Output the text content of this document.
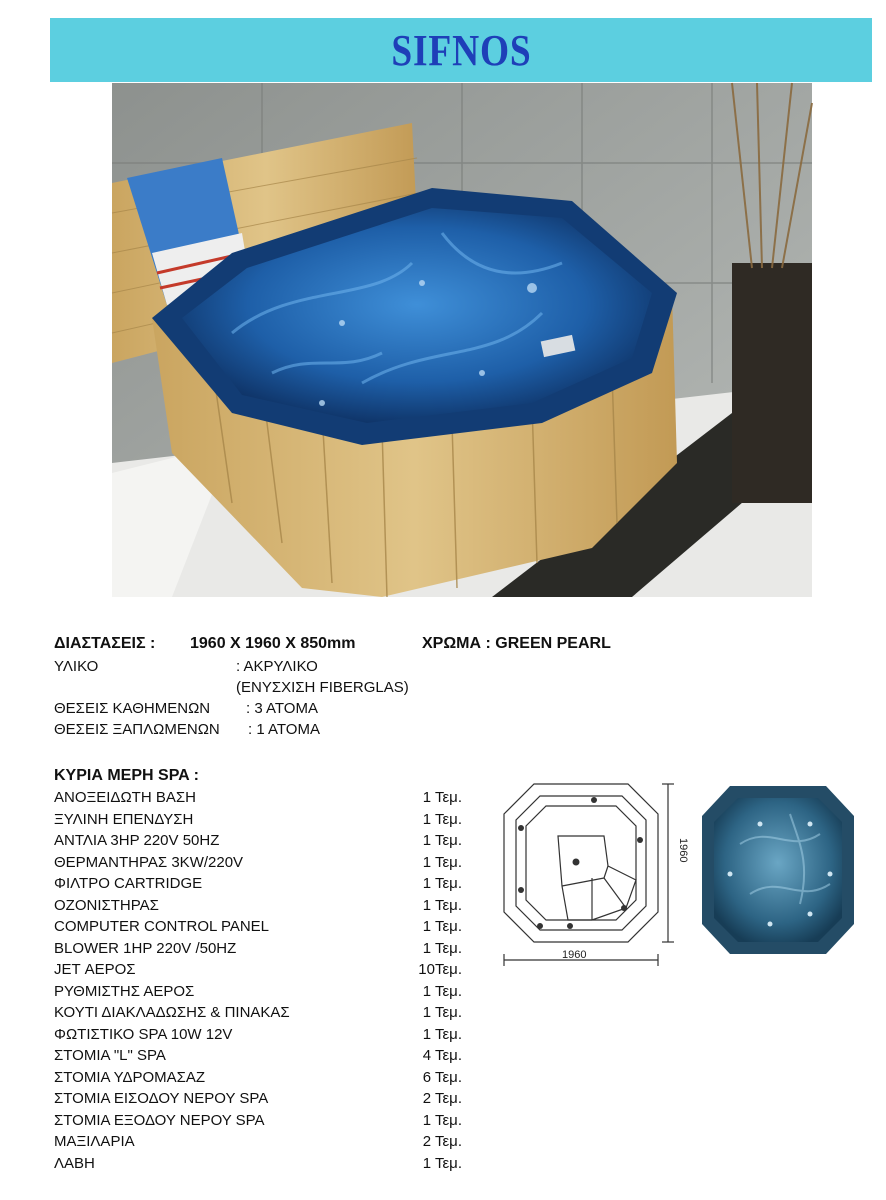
SIFNOS
ΔΙΑΣΤΑΣΕΙΣ : 1960 X 1960 X 850mm	ΧΡΩΜΑ : GREEN PEARL
ΥΛΙΚΟ	: ΑΚΡΥΛΙΚΟ
(ΕΝΥΣΧΙΣΗ FIBERGLAS)
ΘΕΣΕΙΣ ΚΑΘΗΜΕΝΩΝ : 3 ΑΤΟΜΑ
ΘΕΣΕΙΣ ΞΑΠΛΩΜΕΝΩΝ : 1 ΑΤΟΜΑ
ΚΥΡΙΑ ΜΕΡΗ SPA :
ΑΝΟΞΕΙΔΩΤΗ ΒΑΣΗ	1 Τεμ.
ΞΥΛΙΝΗ ΕΠΕΝΔΥΣΗ	1 Τεμ.
ΑΝΤΛΙΑ 3HP 220V 50HZ	1 Τεμ.
ΘΕΡΜΑΝΤΗΡΑΣ 3KW/220V	1 Τεμ.
ΦΙΛΤΡΟ CARTRIDGE	1 Τεμ.
ΟΖΟΝΙΣΤΗΡΑΣ	1 Τεμ.
COMPUTER CONTROL PANEL	1 Τεμ.
BLOWER 1HP 220V /50HZ	1 Τεμ.
JET ΑΕΡΟΣ	10Τεμ.
ΡΥΘΜΙΣΤΗΣ ΑΕΡΟΣ	1 Τεμ.
ΚΟΥΤΙ ΔΙΑΚΛΑΔΩΣΗΣ & ΠΙΝΑΚΑΣ	1 Τεμ.
ΦΩΤΙΣΤΙΚΟ SPA 10W 12V	1 Τεμ.
ΣΤΟΜΙΑ "L" SPA	4 Τεμ.
ΣΤΟΜΙΑ ΥΔΡΟΜΑΣΑΖ	6 Τεμ.
ΣΤΟΜΙΑ ΕΙΣΟΔΟΥ ΝΕΡΟΥ SPA	2 Τεμ.
ΣΤΟΜΙΑ ΕΞΟΔΟΥ ΝΕΡΟΥ SPA	1 Τεμ.
ΜΑΞΙΛΑΡΙΑ	2 Τεμ.
ΛΑΒΗ	1 Τεμ.
1960
1960
